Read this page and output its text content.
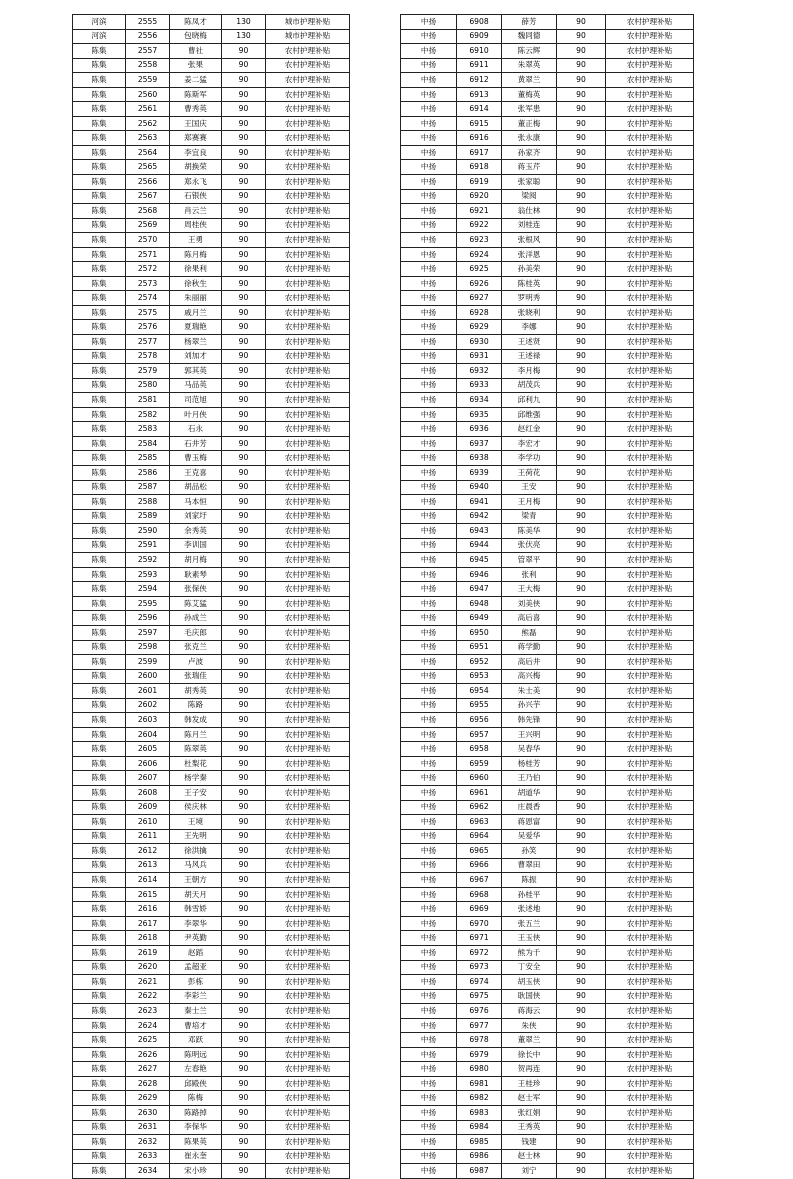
河滨	2555	陈凤才	130	城市护理补贴
河滨	2556	包晓梅	130	城市护理补贴
陈集	2557	曹社	90	农村护理补贴
陈集	2558	张果	90	农村护理补贴
陈集	2559	姜二猛	90	农村护理补贴
陈集	2560	陈斯军	90	农村护理补贴
陈集	2561	曹秀英	90	农村护理补贴
陈集	2562	王国庆	90	农村护理补贴
陈集	2563	郑赛赛	90	农村护理补贴
陈集	2564	李宜良	90	农村护理补贴
陈集	2565	胡换荣	90	农村护理补贴
陈集	2566	郑永飞	90	农村护理补贴
陈集	2567	石银侠	90	农村护理补贴
陈集	2568	肖云兰	90	农村护理补贴
陈集	2569	周桂侠	90	农村护理补贴
陈集	2570	王勇	90	农村护理补贴
陈集	2571	陈月梅	90	农村护理补贴
陈集	2572	徐果利	90	农村护理补贴
陈集	2573	徐秋生	90	农村护理补贴
陈集	2574	朱丽丽	90	农村护理补贴
陈集	2575	戚月兰	90	农村护理补贴
陈集	2576	夏瑞艳	90	农村护理补贴
陈集	2577	杨翠兰	90	农村护理补贴
陈集	2578	刘加才	90	农村护理补贴
陈集	2579	郭其英	90	农村护理补贴
陈集	2580	马品英	90	农村护理补贴
陈集	2581	司范旭	90	农村护理补贴
陈集	2582	叶月侠	90	农村护理补贴
陈集	2583	石永	90	农村护理补贴
陈集	2584	石井芳	90	农村护理补贴
陈集	2585	曹玉梅	90	农村护理补贴
陈集	2586	王克喜	90	农村护理补贴
陈集	2587	胡品松	90	农村护理补贴
陈集	2588	马本恒	90	农村护理补贴
陈集	2589	刘家圩	90	农村护理补贴
陈集	2590	余秀英	90	农村护理补贴
陈集	2591	李训国	90	农村护理补贴
陈集	2592	胡月梅	90	农村护理补贴
陈集	2593	耿素琴	90	农村护理补贴
陈集	2594	张保侠	90	农村护理补贴
陈集	2595	陈艾猛	90	农村护理补贴
陈集	2596	孙成兰	90	农村护理补贴
陈集	2597	毛庆郎	90	农村护理补贴
陈集	2598	张克兰	90	农村护理补贴
陈集	2599	卢波	90	农村护理补贴
陈集	2600	张瑞佳	90	农村护理补贴
陈集	2601	胡秀英	90	农村护理补贴
陈集	2602	陈路	90	农村护理补贴
陈集	2603	韩发成	90	农村护理补贴
陈集	2604	陈月兰	90	农村护理补贴
陈集	2605	陈翠英	90	农村护理补贴
陈集	2606	杜梨花	90	农村护理补贴
陈集	2607	杨学秦	90	农村护理补贴
陈集	2608	王子安	90	农村护理补贴
陈集	2609	侯庆林	90	农村护理补贴
陈集	2610	王境	90	农村护理补贴
陈集	2611	王先明	90	农村护理补贴
陈集	2612	徐洪擒	90	农村护理补贴
陈集	2613	马风兵	90	农村护理补贴
陈集	2614	王朝方	90	农村护理补贴
陈集	2615	胡天月	90	农村护理补贴
陈集	2616	韩雪娇	90	农村护理补贴
陈集	2617	李翠华	90	农村护理补贴
陈集	2618	尹英勤	90	农村护理补贴
陈集	2619	赵蹈	90	农村护理补贴
陈集	2620	孟超亚	90	农村护理补贴
陈集	2621	彭栋	90	农村护理补贴
陈集	2622	李彩兰	90	农村护理补贴
陈集	2623	秦士兰	90	农村护理补贴
陈集	2624	曹培才	90	农村护理补贴
陈集	2625	邓跃	90	农村护理补贴
陈集	2626	陈明远	90	农村护理补贴
陈集	2627	左春艳	90	农村护理补贴
陈集	2628	邱殿侠	90	农村护理补贴
陈集	2629	陈梅	90	农村护理补贴
陈集	2630	陈路掉	90	农村护理补贴
陈集	2631	李保华	90	农村护理补贴
陈集	2632	陈果英	90	农村护理补贴
陈集	2633	崔永奎	90	农村护理补贴
陈集	2634	宋小珍	90	农村护理补贴
中扬	6908	薛芳	90	农村护理补贴
中扬	6909	魏同德	90	农村护理补贴
中扬	6910	陈云辉	90	农村护理补贴
中扬	6911	朱翠英	90	农村护理补贴
中扬	6912	黄翠兰	90	农村护理补贴
中扬	6913	董梅英	90	农村护理补贴
中扬	6914	张军患	90	农村护理补贴
中扬	6915	董正梅	90	农村护理补贴
中扬	6916	张永康	90	农村护理补贴
中扬	6917	孙家齐	90	农村护理补贴
中扬	6918	蒋玉芹	90	农村护理补贴
中扬	6919	张家聪	90	农村护理补贴
中扬	6920	梁阅	90	农村护理补贴
中扬	6921	翁仕林	90	农村护理补贴
中扬	6922	刘桂连	90	农村护理补贴
中扬	6923	张根风	90	农村护理补贴
中扬	6924	张洋恩	90	农村护理补贴
中扬	6925	孙美荣	90	农村护理补贴
中扬	6926	陈桂英	90	农村护理补贴
中扬	6927	罗明秀	90	农村护理补贴
中扬	6928	张晓利	90	农村护理补贴
中扬	6929	李娜	90	农村护理补贴
中扬	6930	王述贤	90	农村护理补贴
中扬	6931	王述禄	90	农村护理补贴
中扬	6932	李月梅	90	农村护理补贴
中扬	6933	胡茂兵	90	农村护理补贴
中扬	6934	邱利九	90	农村护理补贴
中扬	6935	邱维强	90	农村护理补贴
中扬	6936	赵红金	90	农村护理补贴
中扬	6937	李宏才	90	农村护理补贴
中扬	6938	李学功	90	农村护理补贴
中扬	6939	王荷花	90	农村护理补贴
中扬	6940	王安	90	农村护理补贴
中扬	6941	王月梅	90	农村护理补贴
中扬	6942	梁青	90	农村护理补贴
中扬	6943	陈美华	90	农村护理补贴
中扬	6944	张伏亮	90	农村护理补贴
中扬	6945	管翠平	90	农村护理补贴
中扬	6946	张利	90	农村护理补贴
中扬	6947	王大梅	90	农村护理补贴
中扬	6948	刘美侠	90	农村护理补贴
中扬	6949	高后喜	90	农村护理补贴
中扬	6950	熊磊	90	农村护理补贴
中扬	6951	蒋学勤	90	农村护理补贴
中扬	6952	高后井	90	农村护理补贴
中扬	6953	高兴梅	90	农村护理补贴
中扬	6954	朱士美	90	农村护理补贴
中扬	6955	孙兴芋	90	农村护理补贴
中扬	6956	韩先锋	90	农村护理补贴
中扬	6957	王兴明	90	农村护理补贴
中扬	6958	吴春华	90	农村护理补贴
中扬	6959	杨桂芳	90	农村护理补贴
中扬	6960	王乃伯	90	农村护理补贴
中扬	6961	胡道华	90	农村护理补贴
中扬	6962	庄晨香	90	农村护理补贴
中扬	6963	蒋恩富	90	农村护理补贴
中扬	6964	吴爱华	90	农村护理补贴
中扬	6965	孙笑	90	农村护理补贴
中扬	6966	曹翠田	90	农村护理补贴
中扬	6967	陈振	90	农村护理补贴
中扬	6968	孙桂平	90	农村护理补贴
中扬	6969	张述地	90	农村护理补贴
中扬	6970	张五兰	90	农村护理补贴
中扬	6971	王玉侠	90	农村护理补贴
中扬	6972	熊为千	90	农村护理补贴
中扬	6973	丁安全	90	农村护理补贴
中扬	6974	胡玉侠	90	农村护理补贴
中扬	6975	耿国侠	90	农村护理补贴
中扬	6976	蒋海云	90	农村护理补贴
中扬	6977	朱侠	90	农村护理补贴
中扬	6978	董翠兰	90	农村护理补贴
中扬	6979	徐长中	90	农村护理补贴
中扬	6980	贺再连	90	农村护理补贴
中扬	6981	王桂珍	90	农村护理补贴
中扬	6982	赵士军	90	农村护理补贴
中扬	6983	张红娟	90	农村护理补贴
中扬	6984	王秀英	90	农村护理补贴
中扬	6985	钱建	90	农村护理补贴
中扬	6986	赵士林	90	农村护理补贴
中扬	6987	刘宁	90	农村护理补贴
